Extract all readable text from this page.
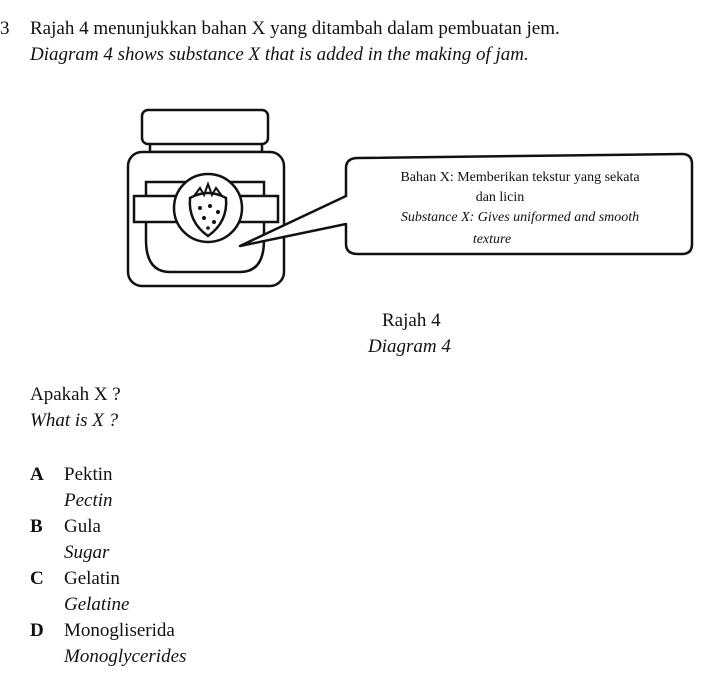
3 Rajah 4 menunjukkan bahan X yang ditambah dalam pembuatan jem.
Diagram 4 shows substance X that is added in the making of jam.
Bahan X: Memberikan tekstur yang sekata
dan licin
Substance X: Gives uniformed and smooth
texture
Rajah 4
Diagram 4
Apakah X ?
What is X ?
A Pektin
Pectin
B Gula
Sugar
C Gelatin
Gelatine
D Monogliserida
Monoglycerides
